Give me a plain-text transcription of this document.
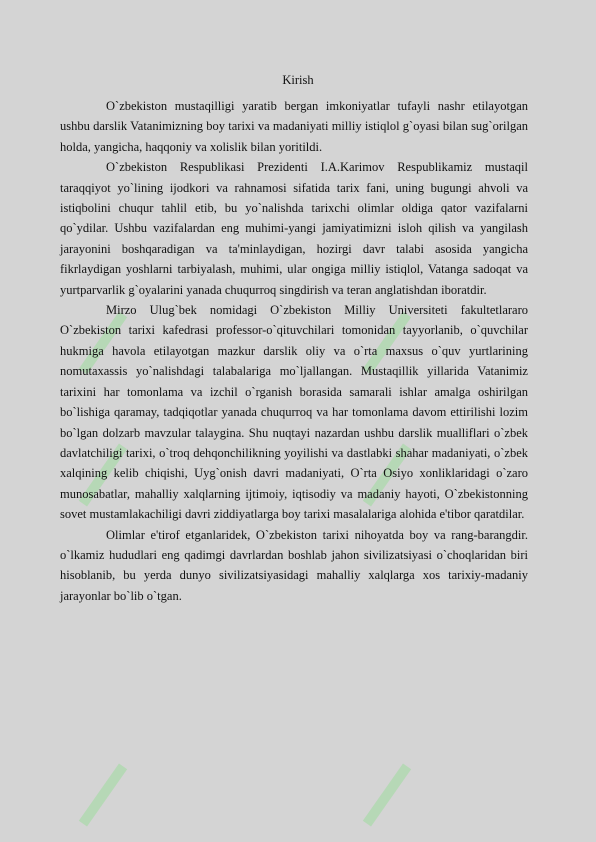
Kirish

O`zbekiston mustaqilligi yaratib bergan imkoniyatlar tufayli nashr etilayotgan ushbu darslik Vatanimizning boy tarixi va madaniyati milliy istiqlol g`oyasi bilan sug`orilgan holda, yangicha, haqqoniy va xolislik bilan yoritildi.

O`zbekiston Respublikasi Prezidenti I.A.Karimov Respublikamiz mustaqil taraqqiyot yo`lining ijodkori va rahnamosi sifatida tarix fani, uning bugungi ahvoli va istiqbolini chuqur tahlil etib, bu yo`nalishda tarixchi olimlar oldiga qator vazifalarni qo`ydilar. Ushbu vazifalardan eng muhimi-yangi jamiyatimizni isloh qilish va yangilash jarayonini boshqaradigan va ta'minlaydigan, hozirgi davr talabi asosida yangicha fikrlaydigan yoshlarni tarbiyalash, muhimi, ular ongiga milliy istiqlol, Vatanga sadoqat va yurtparvarlik g`oyalarini yanada chuqurroq singdirish va teran anglatishdan iboratdir.

Mirzo Ulug`bek nomidagi O`zbekiston Milliy Universiteti fakultetlararo O`zbekiston tarixi kafedrasi professor-o`qituvchilari tomonidan tayyorlanib, o`quvchilar hukmiga havola etilayotgan mazkur darslik oliy va o`rta maxsus o`quv yurtlarining nomutaxassis yo`nalishdagi talabalariga mo`ljallangan. Mustaqillik yillarida Vatanimiz tarixini har tomonlama va izchil o`rganish borasida samarali ishlar amalga oshirilgan bo`lishiga qaramay, tadqiqotlar yanada chuqurroq va har tomonlama davom ettirilishi lozim bo`lgan dolzarb mavzular talaygina. Shu nuqtayi nazardan ushbu darslik mualliflari o`zbek davlatchiligi tarixi, o`troq dehqonchilikning yoyilishi va dastlabki shahar madaniyati, o`zbek xalqining kelib chiqishi, Uyg`onish davri madaniyati, O`rta Osiyo xonliklaridagi o`zaro munosabatlar, mahalliy xalqlarning ijtimoiy, iqtisodiy va madaniy hayoti, O`zbekistonning sovet mustamlakachiligi davri ziddiyatlarga boy tarixi masalalariga alohida e'tibor qaratdilar.

Olimlar e'tirof etganlaridek, O`zbekiston tarixi nihoyatda boy va rang-barangdir. o`lkamiz hududlari eng qadimgi davrlardan boshlab jahon sivilizatsiyasi o`choqlaridan biri hisoblanib, bu yerda dunyo sivilizatsiyasidagi mahalliy xalqlarga xos tarixiy-madaniy jarayonlar bo`lib o`tgan.
